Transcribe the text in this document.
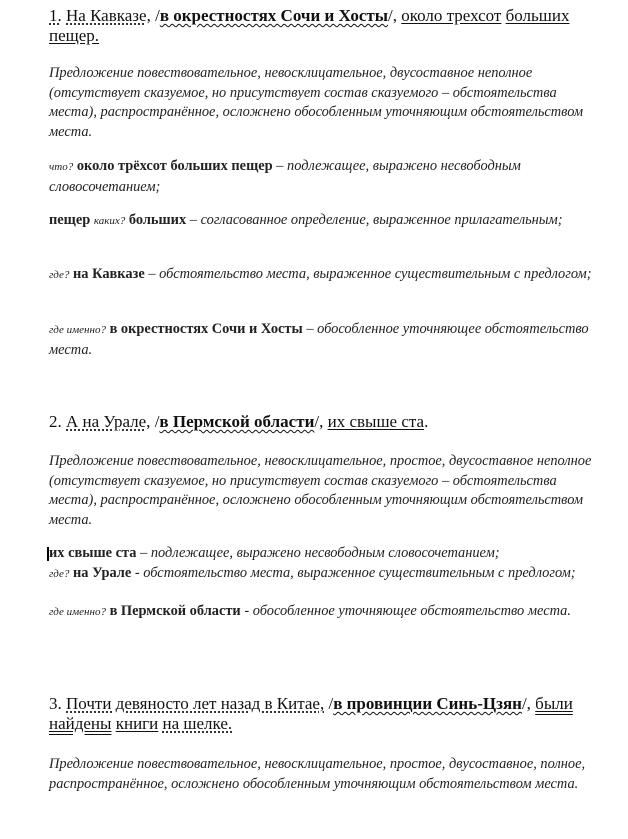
1. На Кавказе, /в окрестностях Сочи и Хосты/, около трехсот больших пещер.

Предложение повествовательное, невосклицательное, двусоставное неполное (отсутствует сказуемое, но присутствует состав сказуемого – обстоятельства места), распространённое, осложнено обособленным уточняющим обстоятельством места.

что? около трёхсот больших пещер – подлежащее, выражено несвободным словосочетанием;

пещер каких? больших – согласованное определение, выраженное прилагательным;

где? на Кавказе – обстоятельство места, выраженное существительным с предлогом;

где именно? в окрестностях Сочи и Хосты – обособленное уточняющее обстоятельство места.

2. А на Урале, /в Пермской области/, их свыше ста.

Предложение повествовательное, невосклицательное, простое, двусоставное неполное (отсутствует сказуемое, но присутствует состав сказуемого – обстоятельства места), распространённое, осложнено обособленным уточняющим обстоятельством места.

их свыше ста – подлежащее, выражено несвободным словосочетанием;

где? на Урале - обстоятельство места, выраженное существительным с предлогом;

где именно? в Пермской области - обособленное уточняющее обстоятельство места.

3. Почти девяносто лет назад в Китае, /в провинции Синь-Цзян/, были найдены книги на шелке.

Предложение повествовательное, невосклицательное, простое, двусоставное, полное, распространённое, осложнено обособленным уточняющим обстоятельством места.
